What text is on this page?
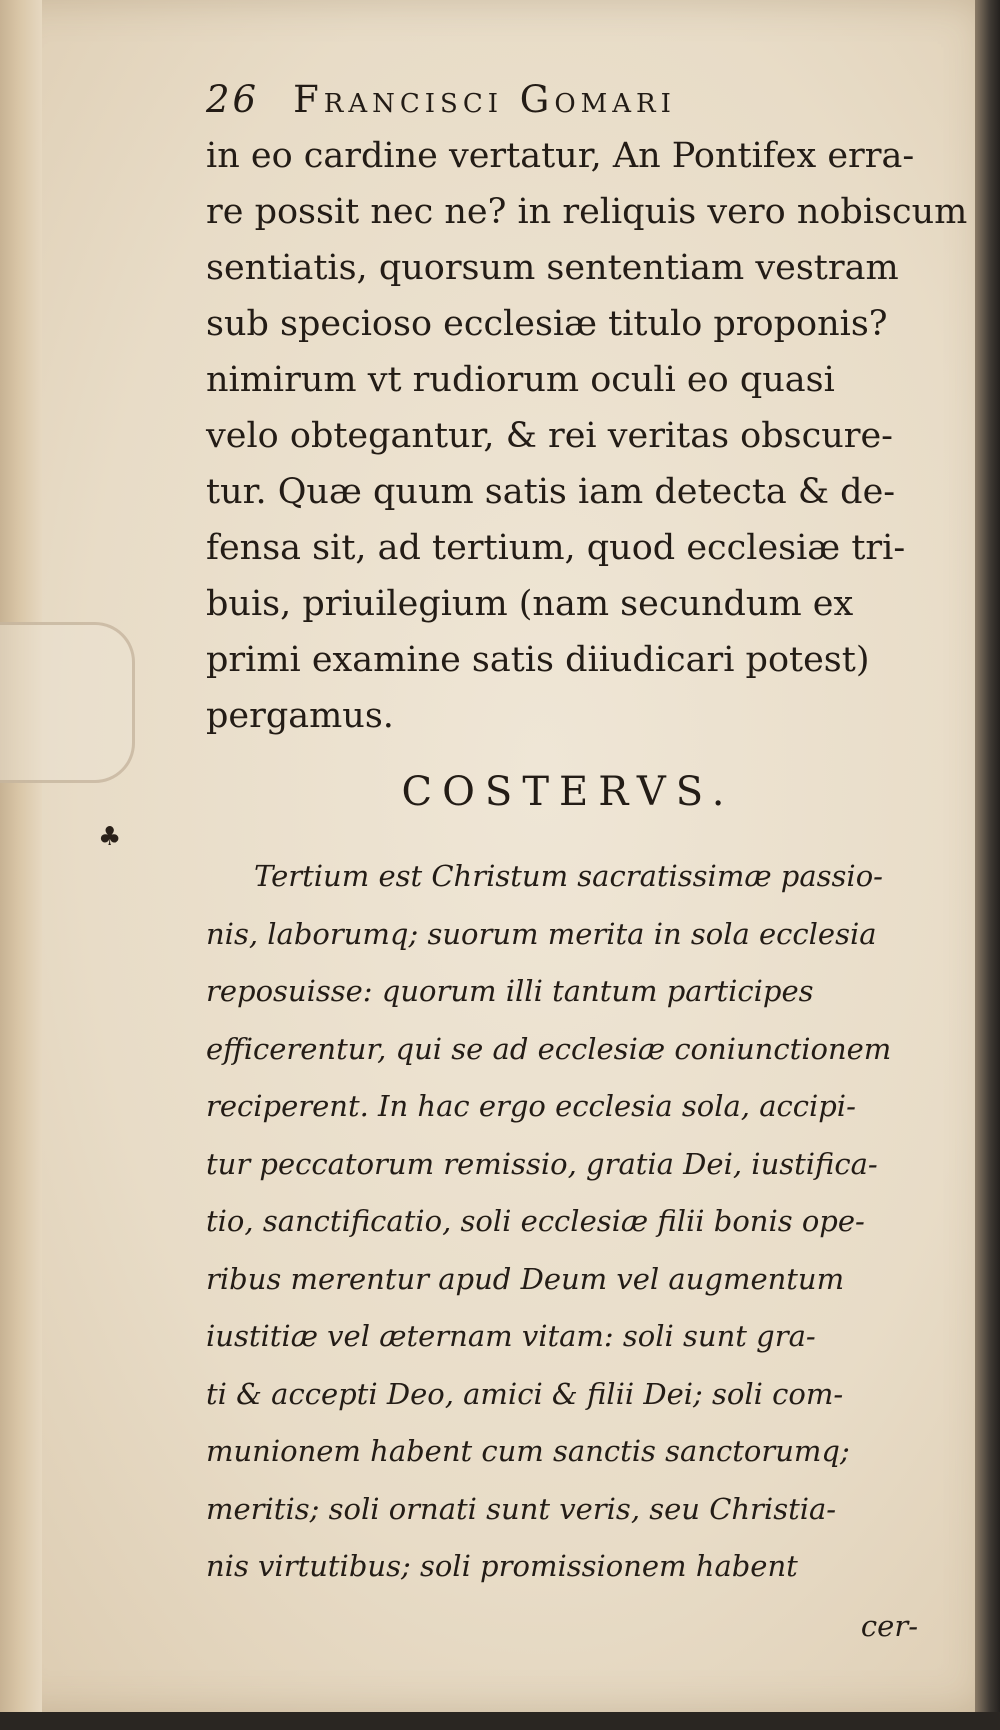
♣
26 Francisci Gomari
in eo cardine vertatur, An Pontifex erra-
re possit nec ne? in reliquis vero nobiscum
sentiatis, quorsum sententiam vestram
sub specioso ecclesiæ titulo proponis?
nimirum vt rudiorum oculi eo quasi
velo obtegantur, & rei veritas obscure-
tur. Quæ quum satis iam detecta & de-
fensa sit, ad tertium, quod ecclesiæ tri-
buis, priuilegium (nam secundum ex
primi examine satis diiudicari potest)
pergamus.
COSTERVS.
Tertium est Christum sacratissimæ passio-
nis, laborumq; suorum merita in sola ecclesia
reposuisse: quorum illi tantum participes
efficerentur, qui se ad ecclesiæ coniunctionem
reciperent. In hac ergo ecclesia sola, accipi-
tur peccatorum remissio, gratia Dei, iustifica-
tio, sanctificatio, soli ecclesiæ filii bonis ope-
ribus merentur apud Deum vel augmentum
iustitiæ vel æternam vitam: soli sunt gra-
ti & accepti Deo, amici & filii Dei; soli com-
munionem habent cum sanctis sanctorumq;
meritis; soli ornati sunt veris, seu Christia-
nis virtutibus; soli promissionem habent
cer-
